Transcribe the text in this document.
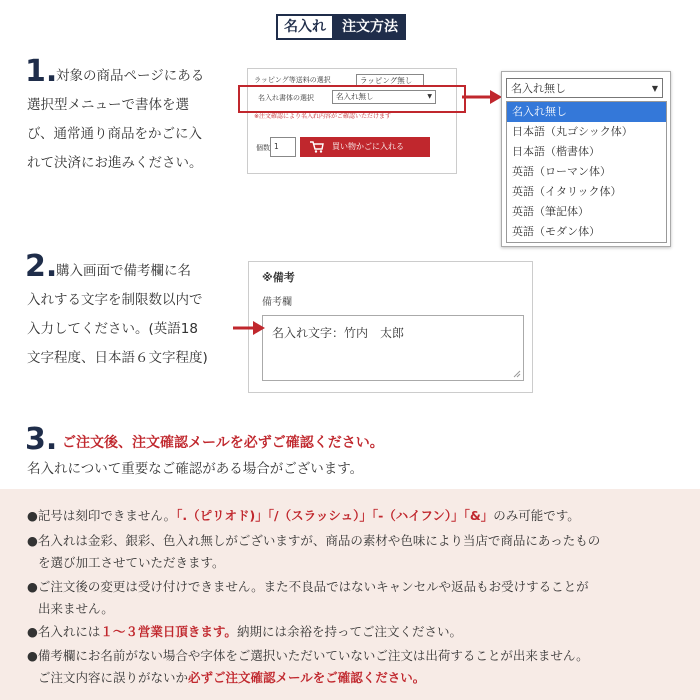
名入れ	注文方法
1.
対象の商品ページにある
選択型メニューで書体を選
び、通常通り商品をかごに入
れて決済にお進みください。
ラッピング等送料の選択	ラッピング無し
名入れ書体の選択	名入れ無し	▼
※注文確認により名入れ内容がご確認いただけます
個数 1	買い物かごに入れる
名入れ無し	▼
名入れ無し
日本語（丸ゴシック体）
日本語（楷書体）
英語（ローマン体）
英語（イタリック体）
英語（筆記体）
英語（モダン体）
2.
購入画面で備考欄に名
入れする文字を制限数以内で
入力してください。(英語18
文字程度、日本語６文字程度)
※備考
備考欄
名入れ文字：竹内　太郎
3. ご注文後、注文確認メールを必ずご確認ください。
名入れについて重要なご確認がある場合がございます。
●記号は刻印できません。「.（ピリオド)」「/（スラッシュ）」「-（ハイフン）」「&」のみ可能です。
●名入れは金彩、銀彩、色入れ無しがございますが、商品の素材や色味により当店で商品にあったもの
を選び加工させていただきます。
●ご注文後の変更は受け付けできません。また不良品ではないキャンセルや返品もお受けすることが
出来ません。
●名入れには１～３営業日頂きます。納期には余裕を持ってご注文ください。
●備考欄にお名前がない場合や字体をご選択いただいていないご注文は出荷することが出来ません。
ご注文内容に誤りがないか必ずご注文確認メールをご確認ください。
